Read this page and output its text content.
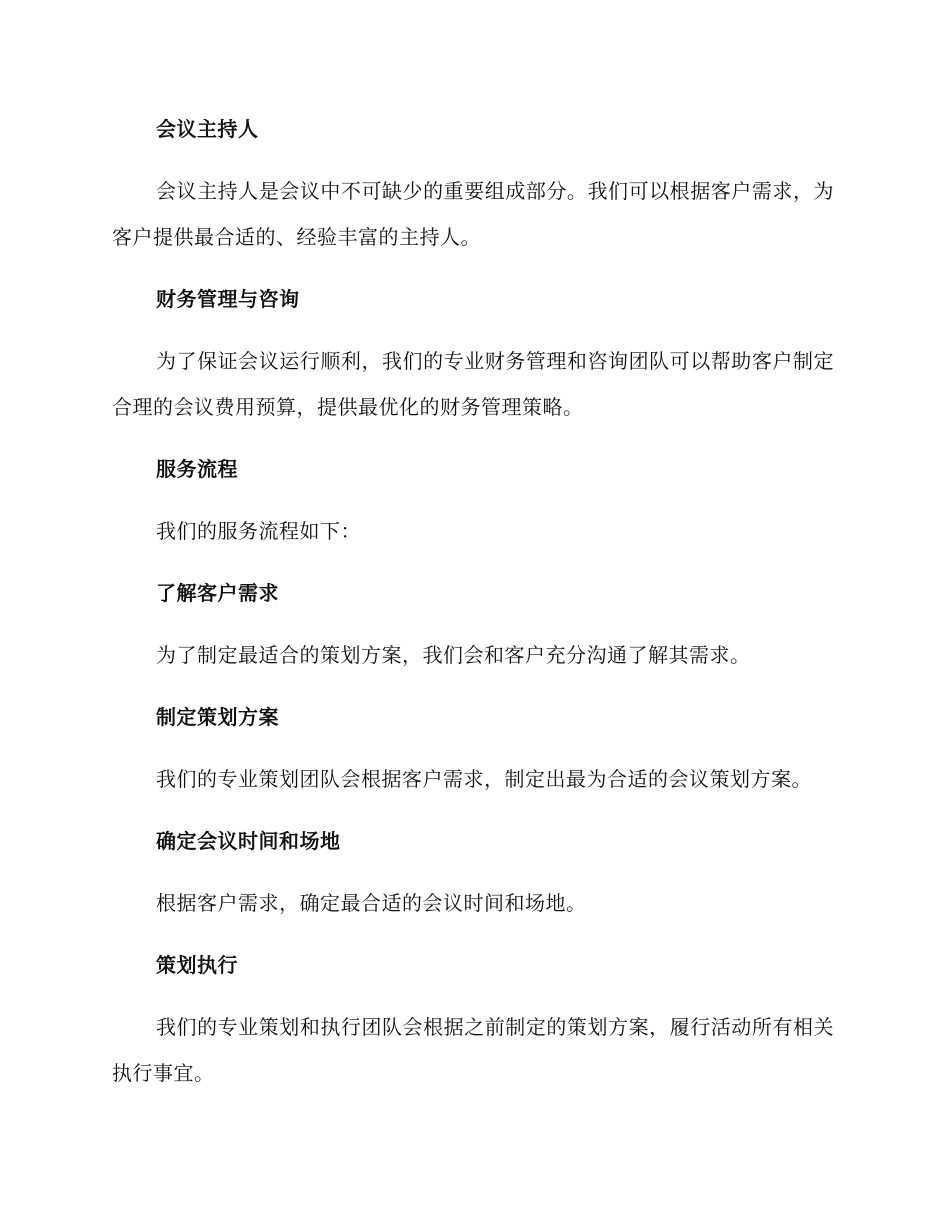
会议主持人
会议主持人是会议中不可缺少的重要组成部分。我们可以根据客户需求，为客户提供最合适的、经验丰富的主持人。
财务管理与咨询
为了保证会议运行顺利，我们的专业财务管理和咨询团队可以帮助客户制定合理的会议费用预算，提供最优化的财务管理策略。
服务流程
我们的服务流程如下：
了解客户需求
为了制定最适合的策划方案，我们会和客户充分沟通了解其需求。
制定策划方案
我们的专业策划团队会根据客户需求，制定出最为合适的会议策划方案。
确定会议时间和场地
根据客户需求，确定最合适的会议时间和场地。
策划执行
我们的专业策划和执行团队会根据之前制定的策划方案，履行活动所有相关执行事宜。
